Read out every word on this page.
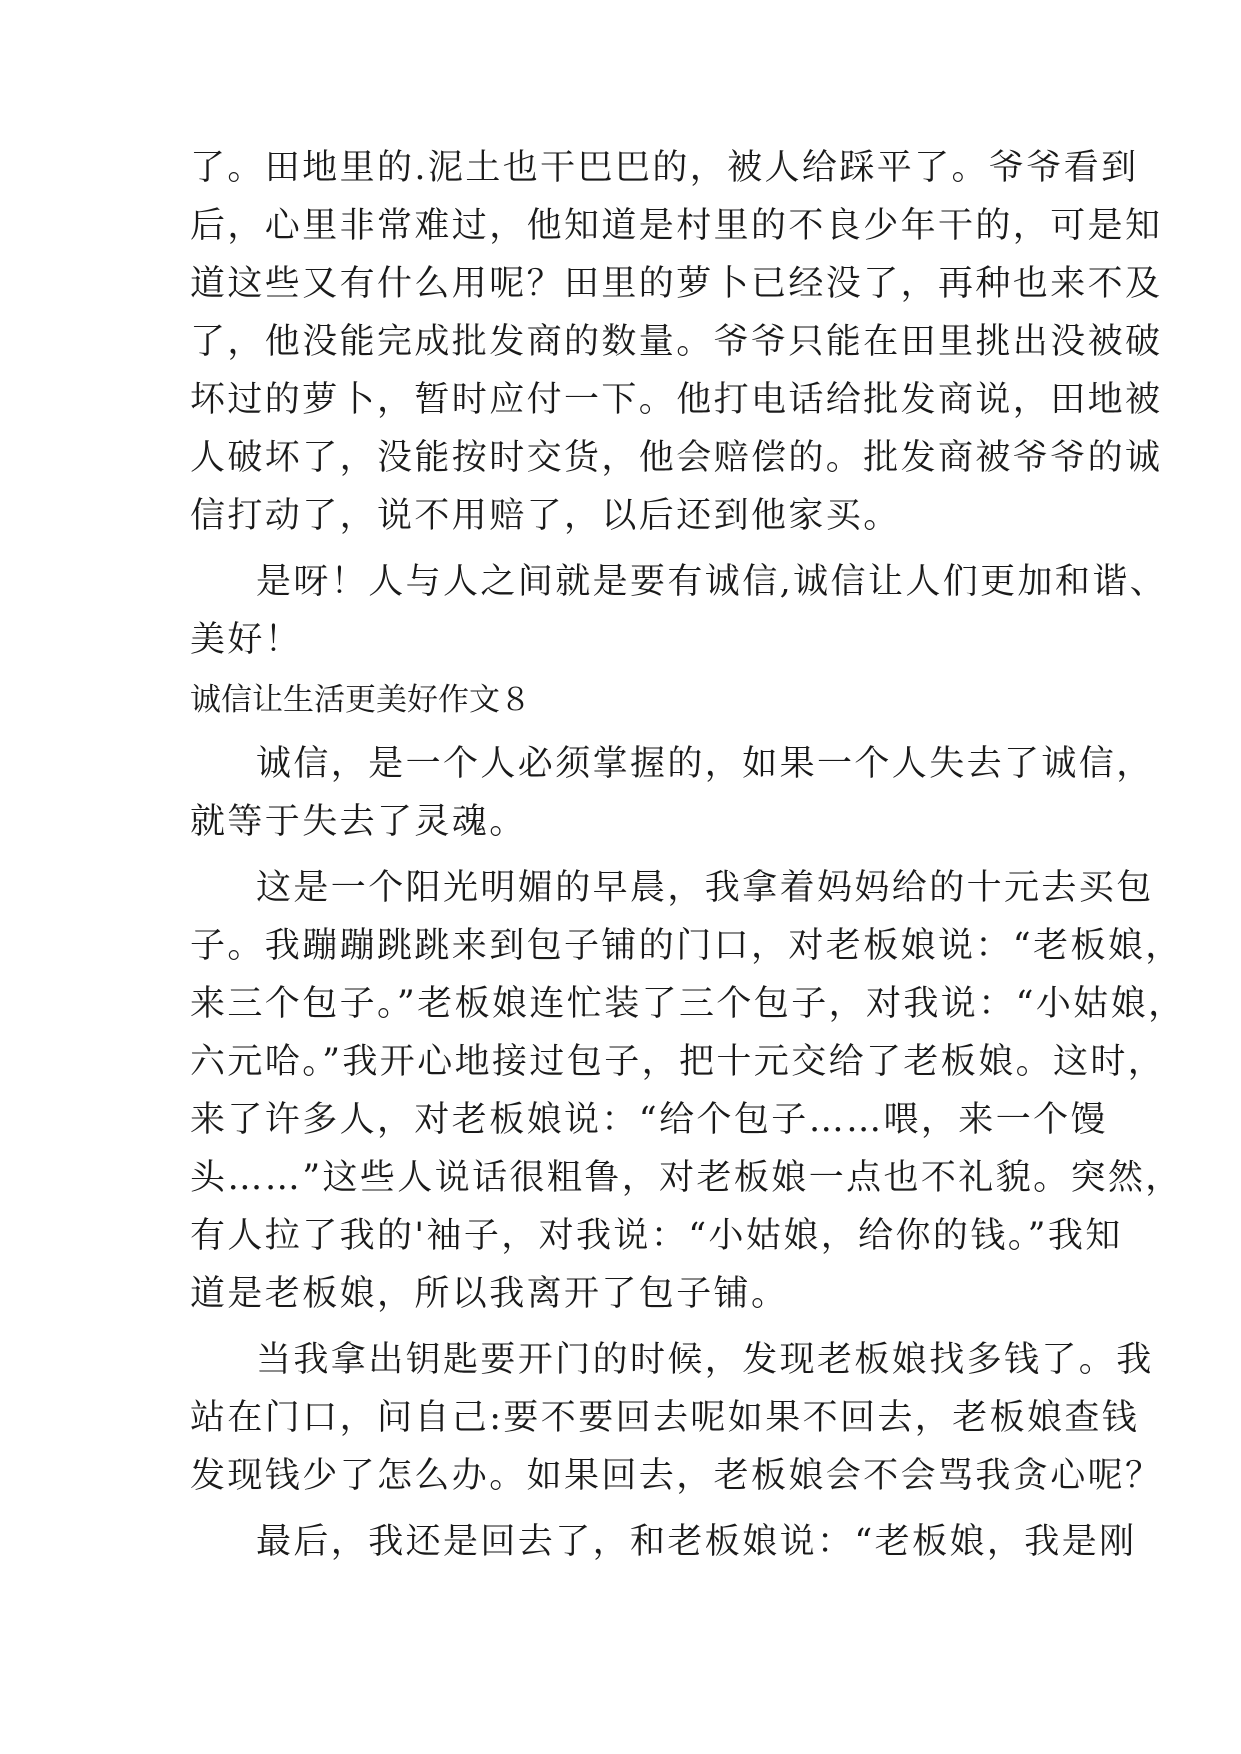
了。田地里的.泥土也干巴巴的，被人给踩平了。爷爷看到
后，心里非常难过，他知道是村里的不良少年干的，可是知
道这些又有什么用呢？田里的萝卜已经没了，再种也来不及
了，他没能完成批发商的数量。爷爷只能在田里挑出没被破
坏过的萝卜，暂时应付一下。他打电话给批发商说，田地被
人破坏了，没能按时交货，他会赔偿的。批发商被爷爷的诚
信打动了，说不用赔了，以后还到他家买。
是呀！人与人之间就是要有诚信,诚信让人们更加和谐、
美好！
诚信让生活更美好作文８
诚信，是一个人必须掌握的，如果一个人失去了诚信，
就等于失去了灵魂。
这是一个阳光明媚的早晨，我拿着妈妈给的十元去买包
子。我蹦蹦跳跳来到包子铺的门口，对老板娘说：“老板娘，
来三个包子。”老板娘连忙装了三个包子，对我说：“小姑娘，
六元哈。”我开心地接过包子，把十元交给了老板娘。这时，
来了许多人，对老板娘说：“给个包子……喂，来一个馒
头……”这些人说话很粗鲁，对老板娘一点也不礼貌。突然，
有人拉了我的'袖子，对我说：“小姑娘，给你的钱。”我知
道是老板娘，所以我离开了包子铺。
当我拿出钥匙要开门的时候，发现老板娘找多钱了。我
站在门口，问自己:要不要回去呢如果不回去，老板娘查钱
发现钱少了怎么办。如果回去，老板娘会不会骂我贪心呢？
最后，我还是回去了，和老板娘说：“老板娘，我是刚
